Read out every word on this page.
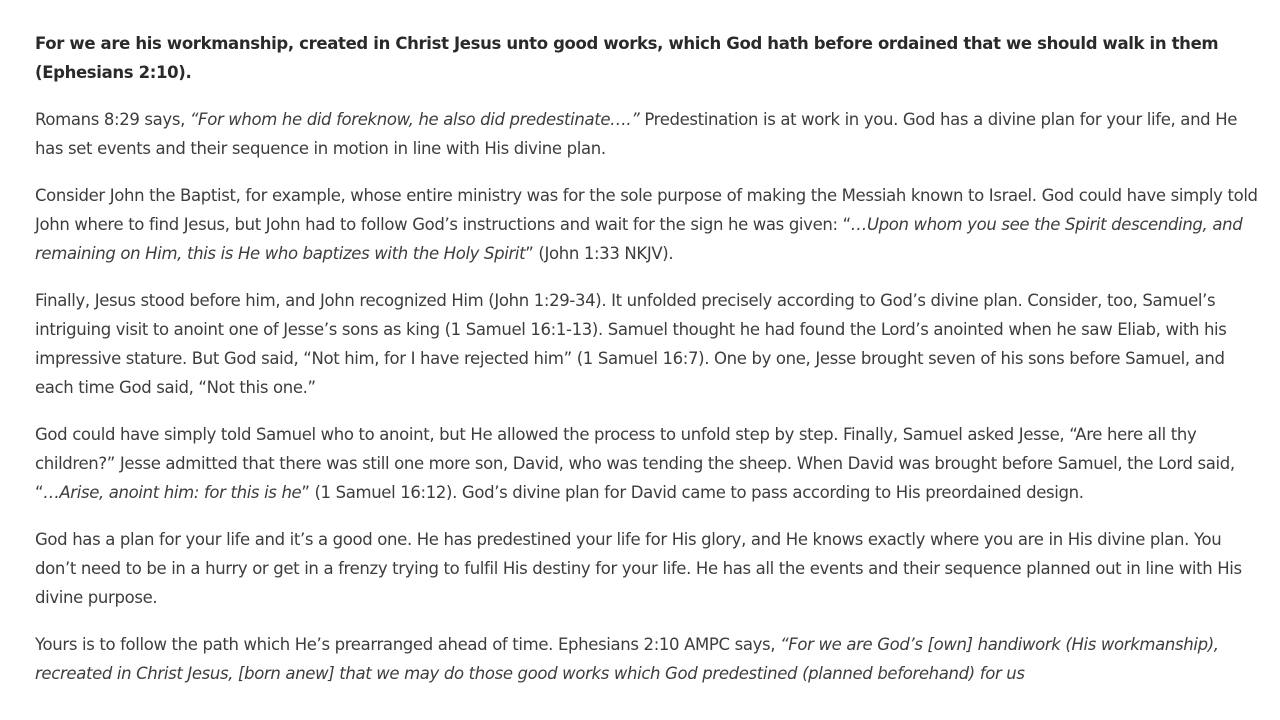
For we are his workmanship, created in Christ Jesus unto good works, which God hath before ordained that we should walk in them (Ephesians 2:10).

Romans 8:29 says, “For whom he did foreknow, he also did predestinate….” Predestination is at work in you. God has a divine plan for your life, and He has set events and their sequence in motion in line with His divine plan.

Consider John the Baptist, for example, whose entire ministry was for the sole purpose of making the Messiah known to Israel. God could have simply told John where to find Jesus, but John had to follow God’s instructions and wait for the sign he was given: “…Upon whom you see the Spirit descending, and remaining on Him, this is He who baptizes with the Holy Spirit” (John 1:33 NKJV).

Finally, Jesus stood before him, and John recognized Him (John 1:29-34). It unfolded precisely according to God’s divine plan. Consider, too, Samuel’s intriguing visit to anoint one of Jesse’s sons as king (1 Samuel 16:1-13). Samuel thought he had found the Lord’s anointed when he saw Eliab, with his impressive stature. But God said, “Not him, for I have rejected him” (1 Samuel 16:7). One by one, Jesse brought seven of his sons before Samuel, and each time God said, “Not this one.”

God could have simply told Samuel who to anoint, but He allowed the process to unfold step by step. Finally, Samuel asked Jesse, “Are here all thy children?” Jesse admitted that there was still one more son, David, who was tending the sheep. When David was brought before Samuel, the Lord said, “…Arise, anoint him: for this is he” (1 Samuel 16:12). God’s divine plan for David came to pass according to His preordained design.

God has a plan for your life and it’s a good one. He has predestined your life for His glory, and He knows exactly where you are in His divine plan. You don’t need to be in a hurry or get in a frenzy trying to fulfil His destiny for your life. He has all the events and their sequence planned out in line with His divine purpose.

Yours is to follow the path which He’s prearranged ahead of time. Ephesians 2:10 AMPC says, “For we are God’s [own] handiwork (His workmanship), recreated in Christ Jesus, [born anew] that we may do those good works which God predestined (planned beforehand) for us
